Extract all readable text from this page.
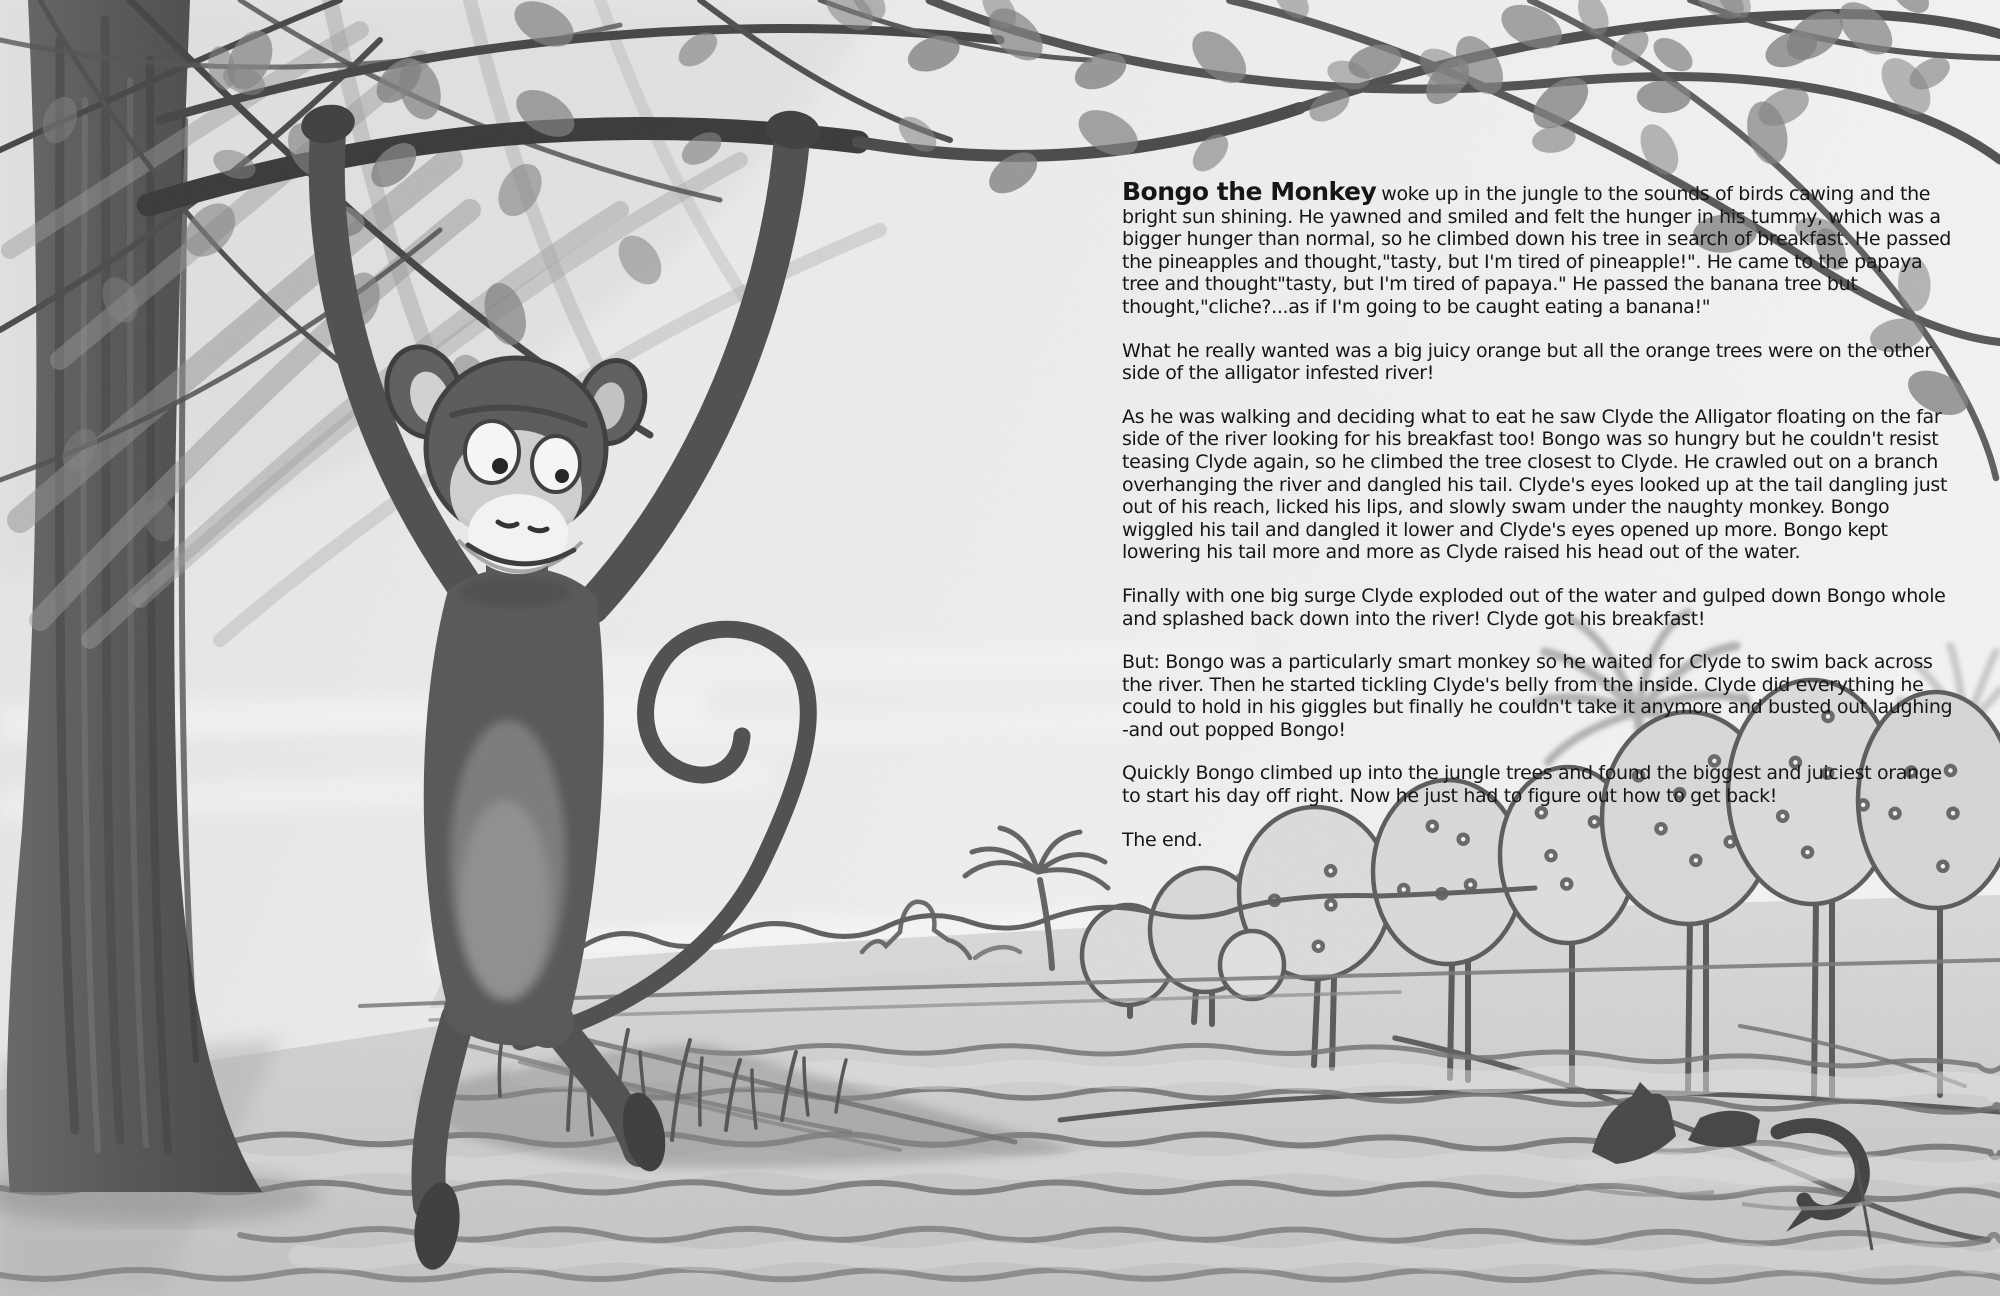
Bongo the Monkey woke up in the jungle to the sounds of birds cawing and the bright sun shining. He yawned and smiled and felt the hunger in his tummy, which was a bigger hunger than normal, so he climbed down his tree in search of breakfast. He passed the pineapples and thought,"tasty, but I'm tired of pineapple!". He came to the papaya tree and thought"tasty, but I'm tired of papaya." He passed the banana tree but thought,"cliche?...as if I'm going to be caught eating a banana!"

What he really wanted was a big juicy orange but all the orange trees were on the other side of the alligator infested river!

As he was walking and deciding what to eat he saw Clyde the Alligator floating on the far side of the river looking for his breakfast too! Bongo was so hungry but he couldn't resist teasing Clyde again, so he climbed the tree closest to Clyde. He crawled out on a branch overhanging the river and dangled his tail. Clyde's eyes looked up at the tail dangling just out of his reach, licked his lips, and slowly swam under the naughty monkey. Bongo wiggled his tail and dangled it lower and Clyde's eyes opened up more. Bongo kept lowering his tail more and more as Clyde raised his head out of the water.

Finally with one big surge Clyde exploded out of the water and gulped down Bongo whole and splashed back down into the river! Clyde got his breakfast!

But: Bongo was a particularly smart monkey so he waited for Clyde to swim back across the river. Then he started tickling Clyde's belly from the inside. Clyde did everything he could to hold in his giggles but finally he couldn't take it anymore and busted out laughing -and out popped Bongo!

Quickly Bongo climbed up into the jungle trees and found the biggest and juiciest orange to start his day off right. Now he just had to figure out how to get back!

The end.
